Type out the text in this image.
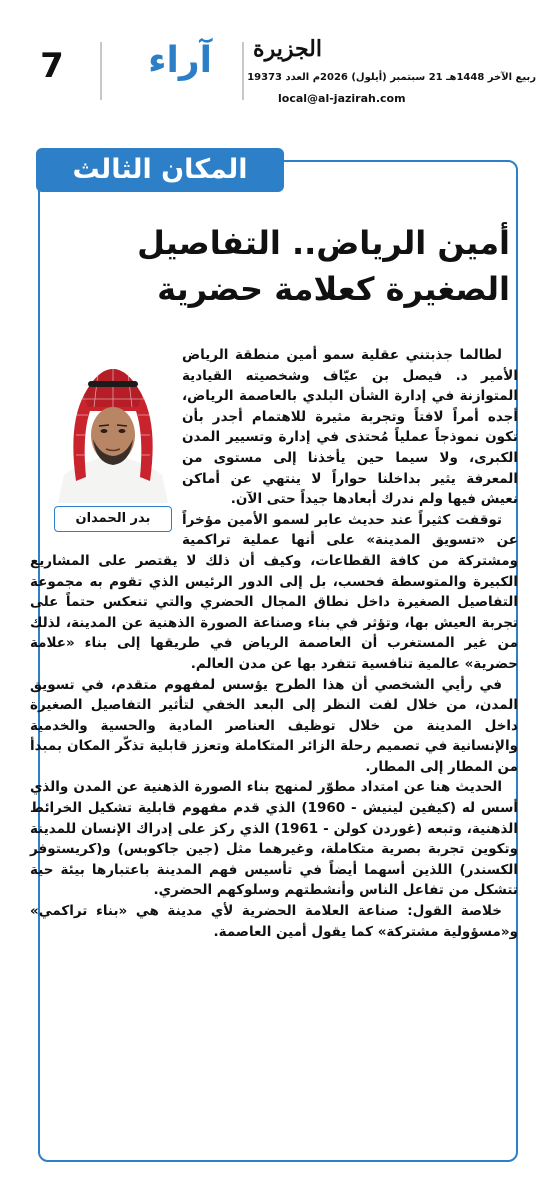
7	آراء	الجزيرة
ربيع الآخر 1448هـ 21 سبتمبر (أيلول) 2026م العدد 19373
local@al-jazirah.com
المكان الثالث
أمين الرياض.. التفاصيل الصغيرة كعلامة حضرية
بدر الحمدان

لطالما جذبتني عقلية سمو أمين منطقة الرياض الأمير د. فيصل بن عيّاف وشخصيته القيادية المتوازنة في إدارة الشأن البلدي بالعاصمة الرياض، أجده أمراً لافتاً وتجربة مثيرة للاهتمام أجدر بأن تكون نموذجاً عملياً مُحتذى في إدارة وتسيير المدن الكبرى، ولا سيما حين يأخذنا إلى مستوى من المعرفة يثير بداخلنا حواراً لا ينتهي عن أماكن نعيش فيها ولم ندرك أبعادها جيداً حتى الآن.

توقفت كثيراً عند حديث عابر لسمو الأمين مؤخراً عن «تسويق المدينة» على أنها عملية تراكمية ومشتركة من كافة القطاعات، وكيف أن ذلك لا يقتصر على المشاريع الكبيرة والمتوسطة فحسب، بل إلى الدور الرئيس الذي تقوم به مجموعة التفاصيل الصغيرة داخل نطاق المجال الحضري والتي تنعكس حتماً على تجربة العيش بها، وتؤثر في بناء وصناعة الصورة الذهنية عن المدينة، لذلك من غير المستغرب أن العاصمة الرياض في طريقها إلى بناء «علامة حضرية» عالمية تنافسية تتفرد بها عن مدن العالم.

في رأيي الشخصي أن هذا الطرح يؤسس لمفهوم متقدم، في تسويق المدن، من خلال لفت النظر إلى البعد الخفي لتأثير التفاصيل الصغيرة داخل المدينة من خلال توظيف العناصر المادية والحسية والخدمية والإنسانية في تصميم رحلة الزائر المتكاملة وتعزز قابلية تذكّر المكان بمبدأ من المطار إلى المطار.

الحديث هنا عن امتداد مطوّر لمنهج بناء الصورة الذهنية عن المدن والذي أسس له (كيفين لينيش - 1960) الذي قدم مفهوم قابلية تشكيل الخرائط الذهنية، وتبعه (غوردن كولن - 1961) الذي ركز على إدراك الإنسان للمدينة وتكوين تجربة بصرية متكاملة، وغيرهما مثل (جين جاكوبس) و(كريستوفر الكسندر) اللذين أسهما أيضاً في تأسيس فهم المدينة باعتبارها بيئة حية تتشكل من تفاعل الناس وأنشطتهم وسلوكهم الحضري.

خلاصة القول: صناعة العلامة الحضرية لأي مدينة هي «بناء تراكمي» و«مسؤولية مشتركة» كما يقول أمين العاصمة.
